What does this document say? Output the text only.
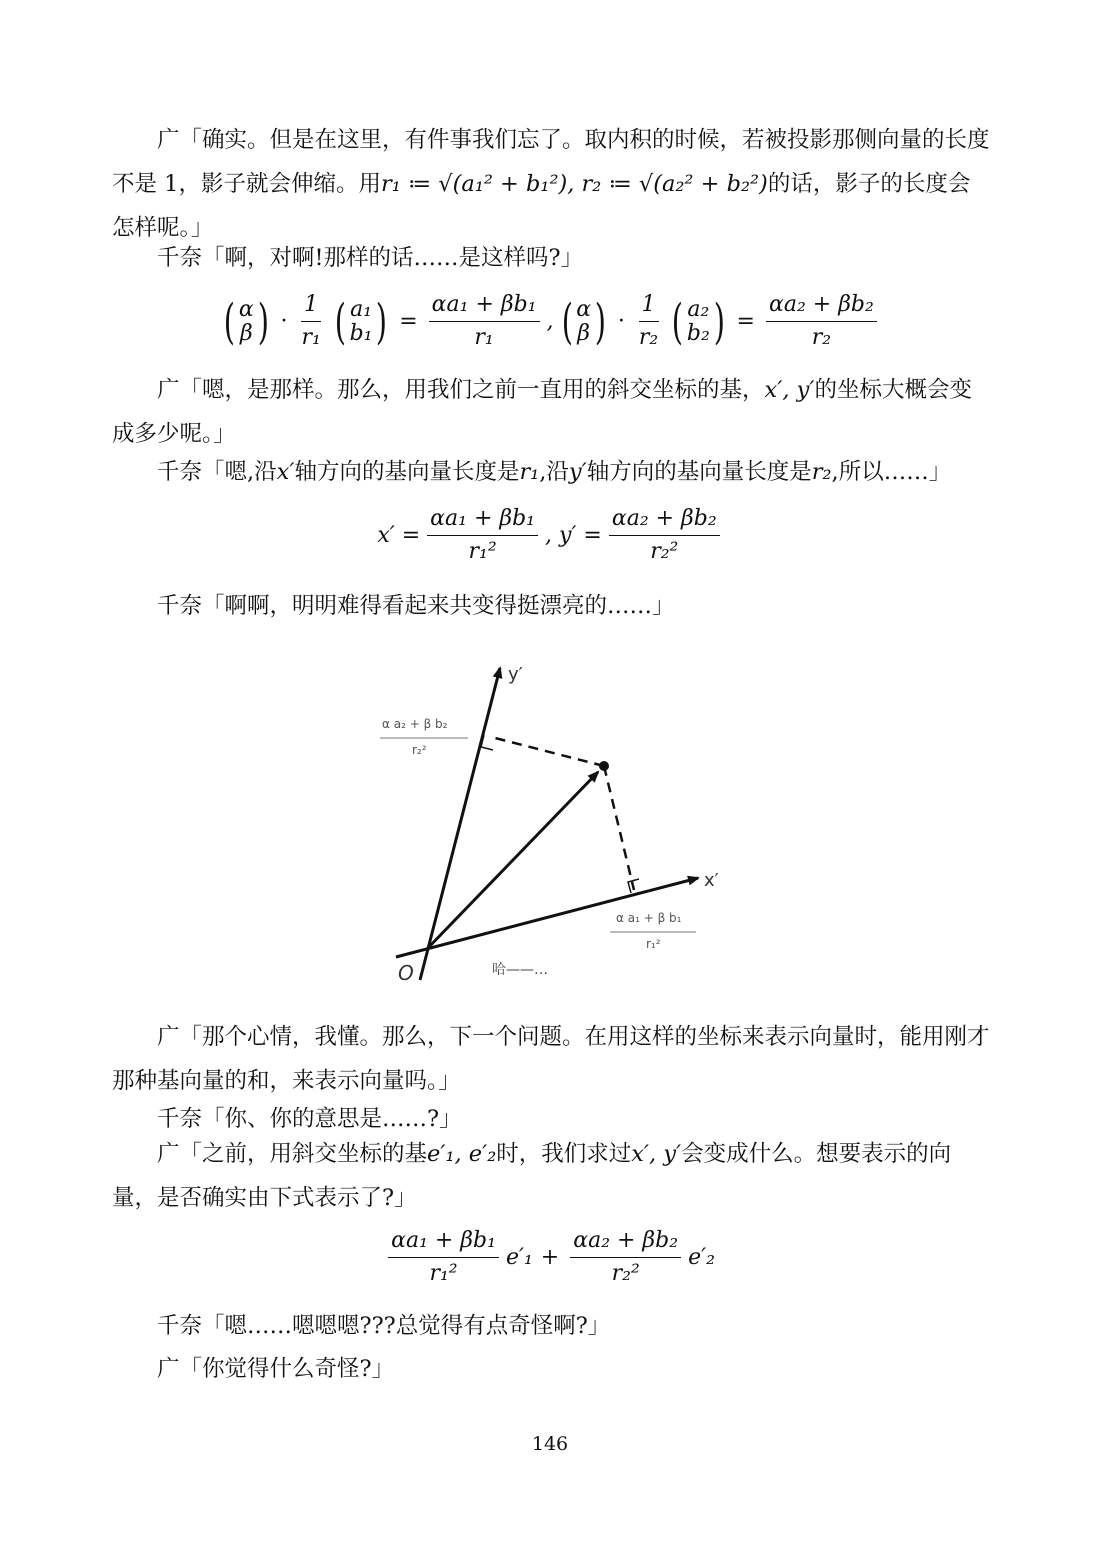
广「确实。但是在这里，有件事我们忘了。取内积的时候，若被投影那侧向量的长度不是 1，影子就会伸缩。用r₁ ≔ √(a₁² + b₁²), r₂ ≔ √(a₂² + b₂²)的话，影子的长度会怎样呢。」

千奈「啊，对啊!那样的话……是这样吗?」

( α
β ) · $\frac{1}{\text{r₁}}$ ( a₁
b₁ ) = $\frac{\text{αa₁ + βb₁}}{\text{r₁}}$ , ( α
β ) · $\frac{1}{\text{r₂}}$ ( a₂
b₂ ) = $\frac{\text{αa₂ + βb₂}}{\text{r₂}}$

广「嗯，是那样。那么，用我们之前一直用的斜交坐标的基，x′, y′的坐标大概会变成多少呢。」

千奈「嗯,沿x′轴方向的基向量长度是r₁,沿y′轴方向的基向量长度是r₂,所以……」

$x' = \frac{\text{αa₁ + βb₁}}{\text{r₁²}}$ , $y' = \frac{\text{αa₂ + βb₂}}{\text{r₂²}}$

千奈「啊啊，明明难得看起来共变得挺漂亮的……」

y′
x′
O
α a₂ + β b₂
r₂²
α a₁ + β b₁
r₁²
哈——…

广「那个心情，我懂。那么，下一个问题。在用这样的坐标来表示向量时，能用刚才那种基向量的和，来表示向量吗。」

千奈「你、你的意思是……?」

广「之前，用斜交坐标的基e′₁, e′₂时，我们求过x′, y′会变成什么。想要表示的向量，是否确实由下式表示了?」

$\frac{\text{αa₁ + βb₁}}{\text{r₁²}} e'_1 + \frac{\text{αa₂ + βb₂}}{\text{r₂²}} e'_2$

千奈「嗯……嗯嗯嗯???总觉得有点奇怪啊?」

广「你觉得什么奇怪?」

146
